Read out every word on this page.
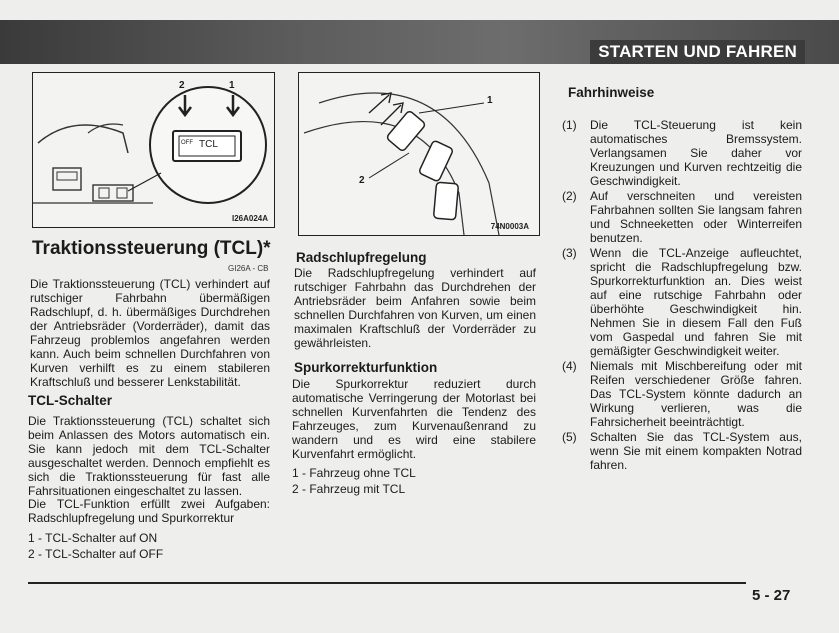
STARTEN UND FAHREN
OFF TCL
2	1
I26A024A
1
2
74N0003A
Traktionssteuerung (TCL)*
GI26A - CB
Die Traktionssteuerung (TCL) verhindert auf rutschiger Fahrbahn übermäßigen Radschlupf, d. h. übermäßiges Durchdrehen der Antriebsräder (Vorderräder), damit das Fahrzeug problemlos angefahren werden kann. Auch beim schnellen Durchfahren von Kurven verhilft es zu einem stabileren Kraftschluß und besserer Lenkstabilität.
TCL-Schalter
Die Traktionssteuerung (TCL) schaltet sich beim Anlassen des Motors automatisch ein. Sie kann jedoch mit dem TCL-Schalter ausgeschaltet werden. Dennoch empfiehlt es sich die Traktionssteuerung für fast alle Fahrsituationen eingeschaltet zu lassen.
Die TCL-Funktion erfüllt zwei Aufgaben: Radschlupfregelung und Spurkorrektur
1 - TCL-Schalter auf ON
2 - TCL-Schalter auf OFF
Radschlupfregelung
Die Radschlupfregelung verhindert auf rutschiger Fahrbahn das Durchdrehen der Antriebsräder beim Anfahren sowie beim schnellen Durchfahren von Kurven, um einen maximalen Kraftschluß der Vorderräder zu gewährleisten.
Spurkorrekturfunktion
Die Spurkorrektur reduziert durch automatische Verringerung der Motorlast bei schnellen Kurvenfahrten die Tendenz des Fahrzeuges, zum Kurvenaußenrand zu wandern und es wird eine stabilere Kurvenfahrt ermöglicht.
1 - Fahrzeug ohne TCL
2 - Fahrzeug mit TCL
Fahrhinweise
(1) Die TCL-Steuerung ist kein automatisches Bremssystem. Verlangsamen Sie daher vor Kreuzungen und Kurven rechtzeitig die Geschwindigkeit.
(2) Auf verschneiten und vereisten Fahrbahnen sollten Sie langsam fahren und Schneeketten oder Winterreifen benutzen.
(3) Wenn die TCL-Anzeige aufleuchtet, spricht die Radschlupfregelung bzw. Spurkorrekturfunktion an. Dies weist auf eine rutschige Fahrbahn oder überhöhte Geschwindigkeit hin. Nehmen Sie in diesem Fall den Fuß vom Gaspedal und fahren Sie mit gemäßigter Geschwindigkeit weiter.
(4) Niemals mit Mischbereifung oder mit Reifen verschiedener Größe fahren. Das TCL-System könnte dadurch an Wirkung verlieren, was die Fahrsicherheit beeinträchtigt.
(5) Schalten Sie das TCL-System aus, wenn Sie mit einem kompakten Notrad fahren.
5 - 27
